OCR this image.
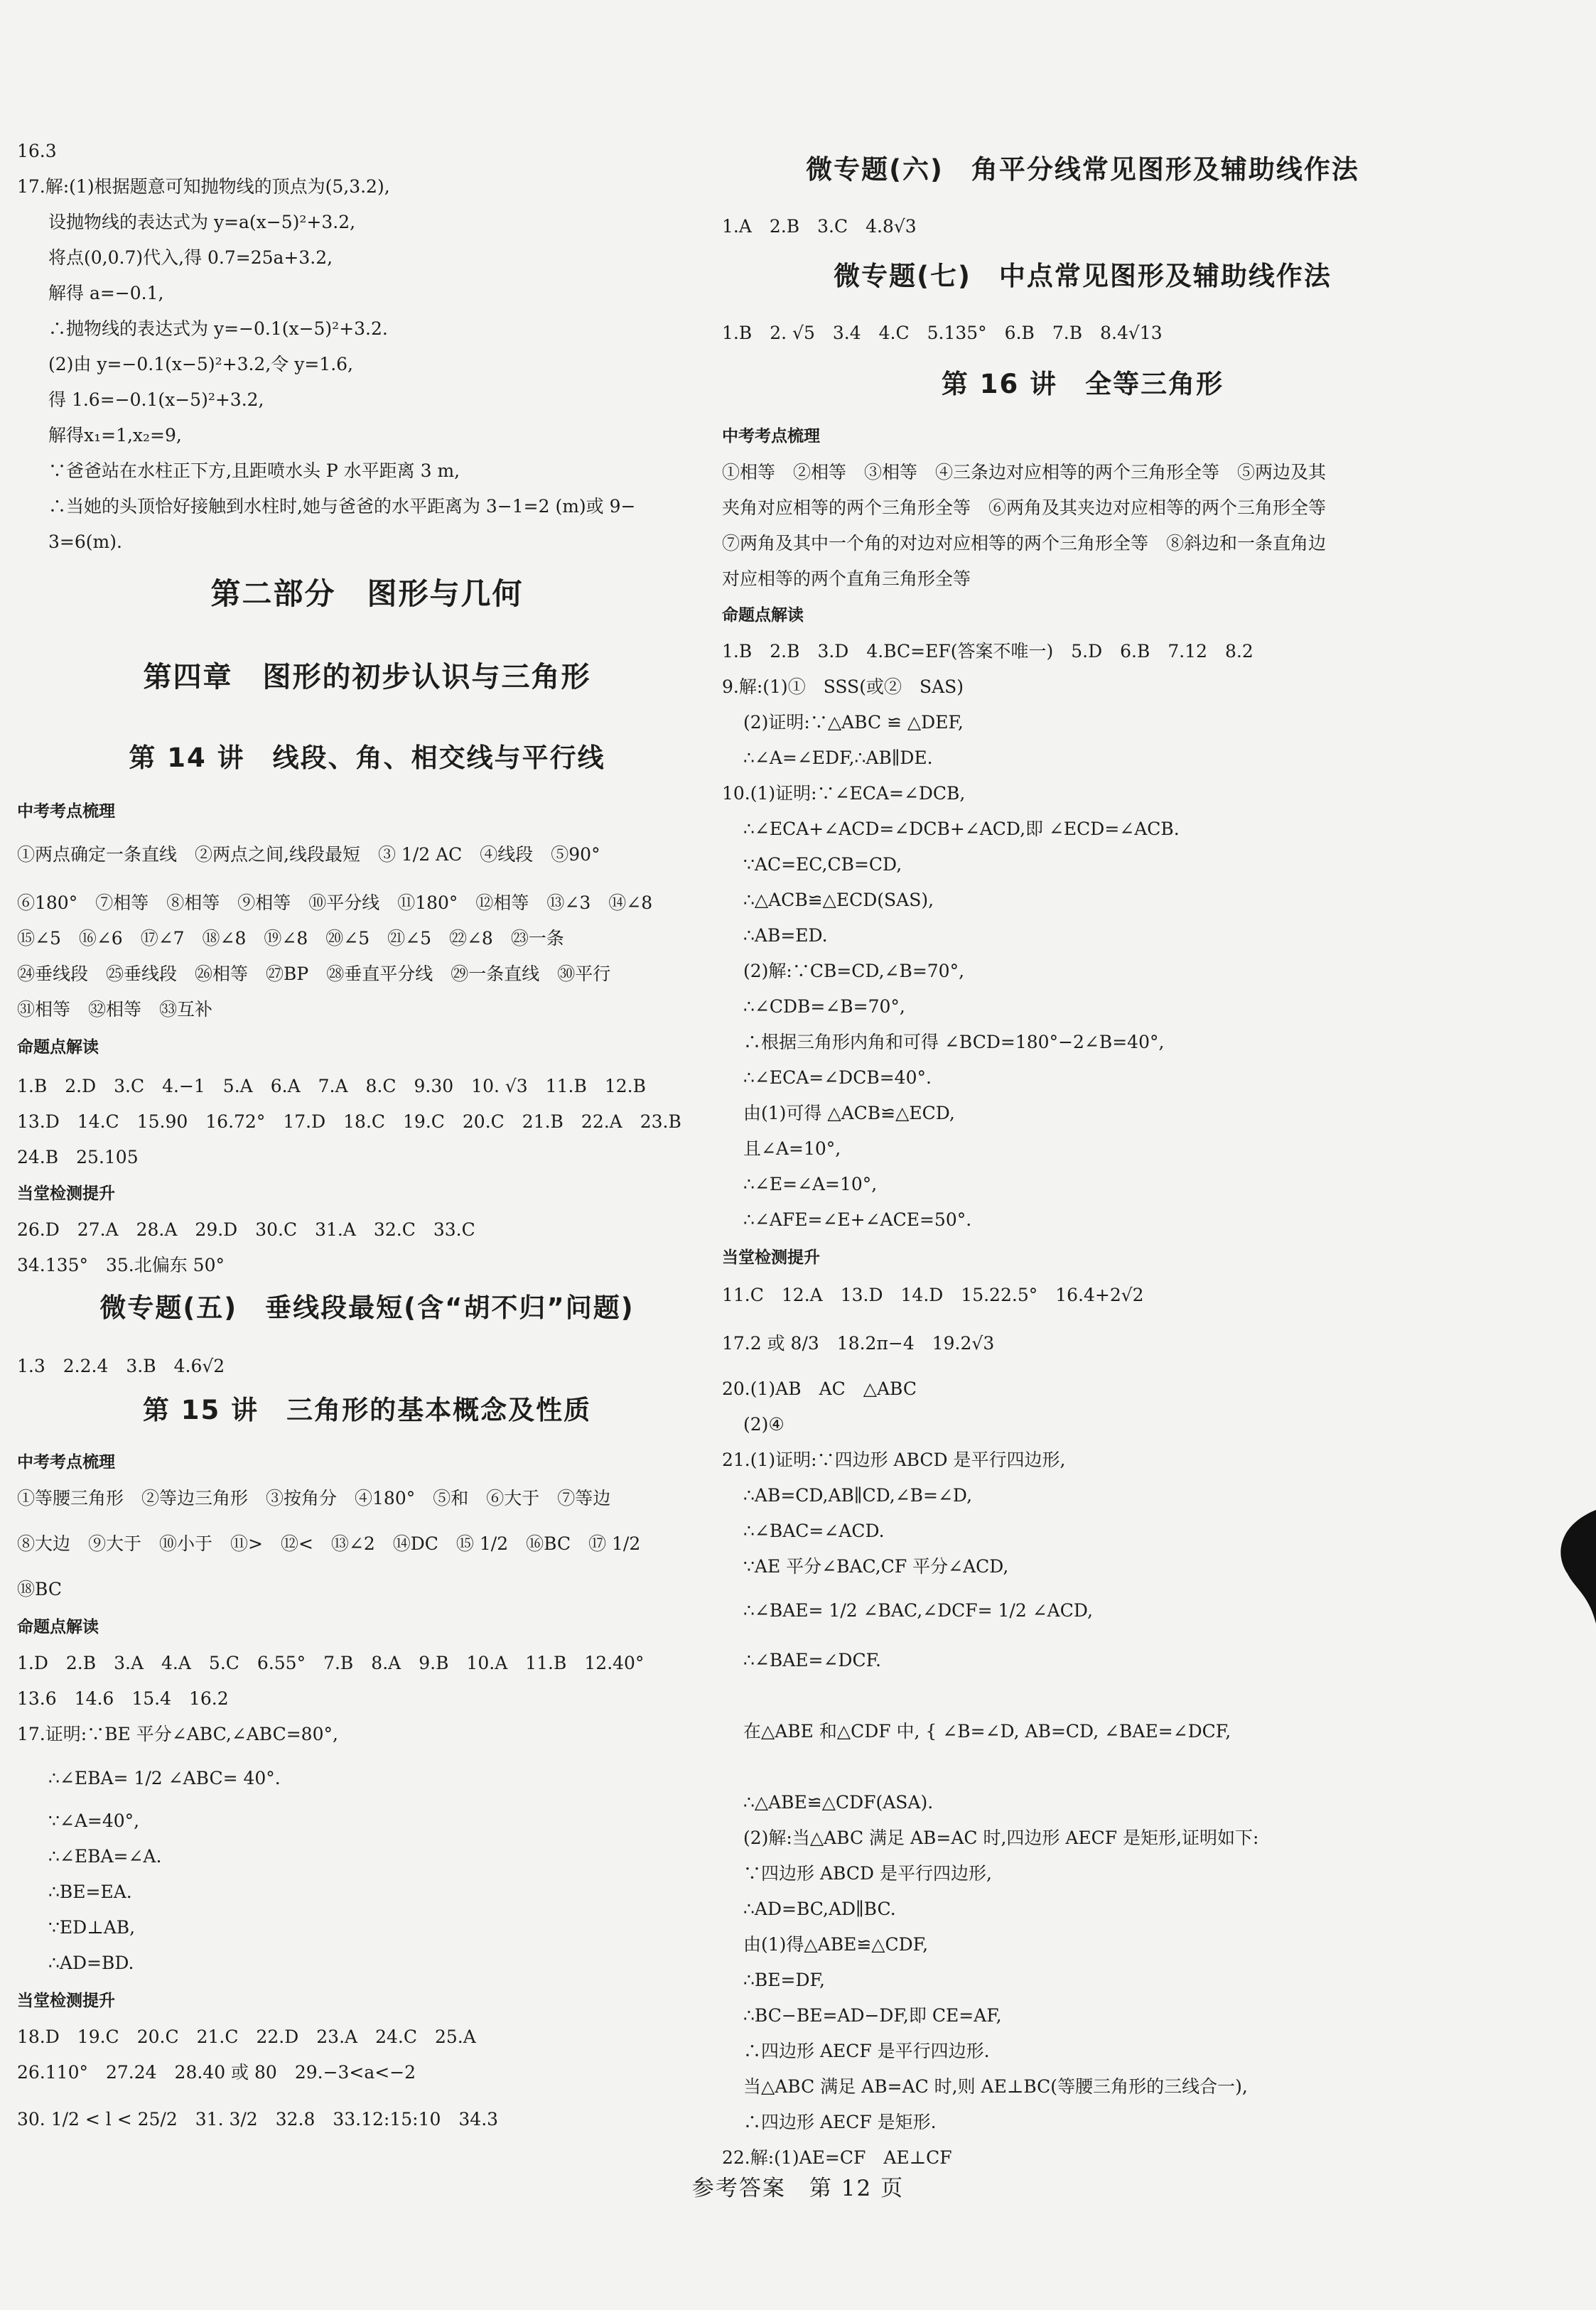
16.3
17.解:(1)根据题意可知抛物线的顶点为(5,3.2),
设抛物线的表达式为 y=a(x−5)²+3.2,
将点(0,0.7)代入,得 0.7=25a+3.2,
解得 a=−0.1,
∴抛物线的表达式为 y=−0.1(x−5)²+3.2.
(2)由 y=−0.1(x−5)²+3.2,令 y=1.6,
得 1.6=−0.1(x−5)²+3.2,
解得x₁=1,x₂=9,
∵爸爸站在水柱正下方,且距喷水头 P 水平距离 3 m,
∴当她的头顶恰好接触到水柱时,她与爸爸的水平距离为 3−1=2 (m)或 9−
3=6(m).
第二部分　图形与几何
第四章　图形的初步认识与三角形
第 14 讲　线段、角、相交线与平行线
中考考点梳理
①两点确定一条直线　②两点之间,线段最短　③ 1/2 AC　④线段　⑤90°
⑥180°　⑦相等　⑧相等　⑨相等　⑩平分线　⑪180°　⑫相等　⑬∠3　⑭∠8
⑮∠5　⑯∠6　⑰∠7　⑱∠8　⑲∠8　⑳∠5　㉑∠5　㉒∠8　㉓一条
㉔垂线段　㉕垂线段　㉖相等　㉗BP　㉘垂直平分线　㉙一条直线　㉚平行
㉛相等　㉜相等　㉝互补
命题点解读
1.B　2.D　3.C　4.−1　5.A　6.A　7.A　8.C　9.30　10. √3　11.B　12.B
13.D　14.C　15.90　16.72°　17.D　18.C　19.C　20.C　21.B　22.A　23.B
24.B　25.105
当堂检测提升
26.D　27.A　28.A　29.D　30.C　31.A　32.C　33.C
34.135°　35.北偏东 50°
微专题(五)　垂线段最短(含“胡不归”问题)
1.3　2.2.4　3.B　4.6√2
第 15 讲　三角形的基本概念及性质
中考考点梳理
①等腰三角形　②等边三角形　③按角分　④180°　⑤和　⑥大于　⑦等边
⑧大边　⑨大于　⑩小于　⑪>　⑫<　⑬∠2　⑭DC　⑮ 1/2　⑯BC　⑰ 1/2
⑱BC
命题点解读
1.D　2.B　3.A　4.A　5.C　6.55°　7.B　8.A　9.B　10.A　11.B　12.40°
13.6　14.6　15.4　16.2
17.证明:∵BE 平分∠ABC,∠ABC=80°,
∴∠EBA= 1/2 ∠ABC= 40°.
∵∠A=40°,
∴∠EBA=∠A.
∴BE=EA.
∵ED⊥AB,
∴AD=BD.
当堂检测提升
18.D　19.C　20.C　21.C　22.D　23.A　24.C　25.A
26.110°　27.24　28.40 或 80　29.−3<a<−2
30. 1/2 < l < 25/2　31. 3/2　32.8　33.12:15:10　34.3
微专题(六)　角平分线常见图形及辅助线作法
1.A　2.B　3.C　4.8√3
微专题(七)　中点常见图形及辅助线作法
1.B　2. √5　3.4　4.C　5.135°　6.B　7.B　8.4√13
第 16 讲　全等三角形
中考考点梳理
①相等　②相等　③相等　④三条边对应相等的两个三角形全等　⑤两边及其
夹角对应相等的两个三角形全等　⑥两角及其夹边对应相等的两个三角形全等
⑦两角及其中一个角的对边对应相等的两个三角形全等　⑧斜边和一条直角边
对应相等的两个直角三角形全等
命题点解读
1.B　2.B　3.D　4.BC=EF(答案不唯一)　5.D　6.B　7.12　8.2
9.解:(1)①　SSS(或②　SAS)
(2)证明:∵△ABC ≌ △DEF,
∴∠A=∠EDF,∴AB∥DE.
10.(1)证明:∵∠ECA=∠DCB,
∴∠ECA+∠ACD=∠DCB+∠ACD,即 ∠ECD=∠ACB.
∵AC=EC,CB=CD,
∴△ACB≌△ECD(SAS),
∴AB=ED.
(2)解:∵CB=CD,∠B=70°,
∴∠CDB=∠B=70°,
∴根据三角形内角和可得 ∠BCD=180°−2∠B=40°,
∴∠ECA=∠DCB=40°.
由(1)可得 △ACB≌△ECD,
且∠A=10°,
∴∠E=∠A=10°,
∴∠AFE=∠E+∠ACE=50°.
当堂检测提升
11.C　12.A　13.D　14.D　15.22.5°　16.4+2√2
17.2 或 8/3　18.2π−4　19.2√3
20.(1)AB　AC　△ABC
(2)④
21.(1)证明:∵四边形 ABCD 是平行四边形,
∴AB=CD,AB∥CD,∠B=∠D,
∴∠BAC=∠ACD.
∵AE 平分∠BAC,CF 平分∠ACD,
∴∠BAE= 1/2 ∠BAC,∠DCF= 1/2 ∠ACD,
∴∠BAE=∠DCF.
在△ABE 和△CDF 中, { ∠B=∠D, AB=CD, ∠BAE=∠DCF,
∴△ABE≌△CDF(ASA).
(2)解:当△ABC 满足 AB=AC 时,四边形 AECF 是矩形,证明如下:
∵四边形 ABCD 是平行四边形,
∴AD=BC,AD∥BC.
由(1)得△ABE≌△CDF,
∴BE=DF,
∴BC−BE=AD−DF,即 CE=AF,
∴四边形 AECF 是平行四边形.
当△ABC 满足 AB=AC 时,则 AE⊥BC(等腰三角形的三线合一),
∴四边形 AECF 是矩形.
22.解:(1)AE=CF　AE⊥CF
参考答案　第 12 页
